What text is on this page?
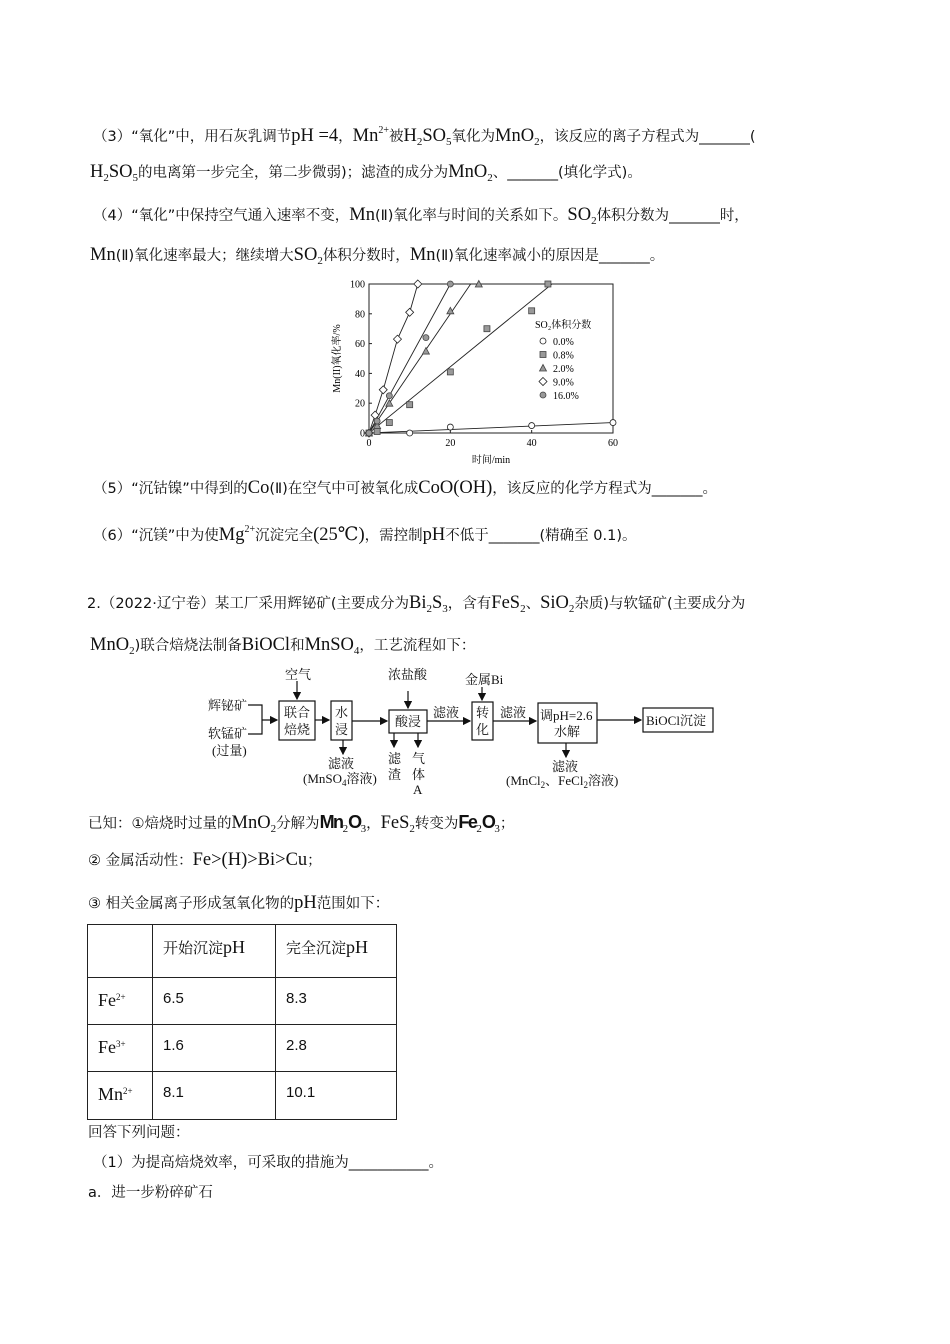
（3）“氧化”中，用石灰乳调节pH =4，$Mn^{2+}$被$H_2SO_5$氧化为MnO$_2$，该反应的离子方程式为_______(
$H_2SO_5$的电离第一步完全，第二步微弱)；滤渣的成分为MnO$_2$、_______(填化学式)。
（4）“氧化”中保持空气通入速率不变，Mn(Ⅱ)氧化率与时间的关系如下。$SO_2$体积分数为_______时，
Mn(Ⅱ)氧化速率最大；继续增大$SO_2$体积分数时，Mn(Ⅱ)氧化速率减小的原因是_______。
0	20	40	60
0
20
40
60
80
100
时间/min
Mn(II)氧化率/%	SO₂体积分数
0.0%
0.8%
2.0%
9.0%
16.0%
（5）“沉钴镍”中得到的Co(Ⅱ)在空气中可被氧化成CoO(OH)，该反应的化学方程式为_______。
（6）“沉镁”中为使$Mg^{2+}$沉淀完全(25℃)，需控制pH不低于_______(精确至 0.1)。
2.（2022·辽宁卷）某工厂采用辉铋矿(主要成分为$Bi_2S_3$，含有FeS$_2$、SiO$_2$杂质)与软锰矿(主要成分为
MnO$_2$)联合焙烧法制备BiOCl和MnSO$_4$，工艺流程如下：
空气
辉铋矿
软锰矿
(过量)
联合
焙烧
水
浸
滤液
(MnSO$_4$溶液)
浓盐酸
酸浸
滤
渣
气
体
A
滤液
金属Bi
转
化
滤液 调pH=2.6
水解
滤液
(MnCl$_2$、FeCl$_2$溶液)
BiOCl沉淀
已知：①焙烧时过量的MnO$_2$分解为$Mn_2O_3$，FeS$_2$转变为$Fe_2O_3$；
② 金属活动性：Fe>(H)>Bi>Cu；
③ 相关金属离子形成氢氧化物的pH范围如下：
	开始沉淀pH	完全沉淀pH
$Fe^{2+}$	6.5	8.3
$Fe^{3+}$	1.6	2.8
$Mn^{2+}$	8.1	10.1
回答下列问题：
（1）为提高焙烧效率，可采取的措施为___________。
a．进一步粉碎矿石
